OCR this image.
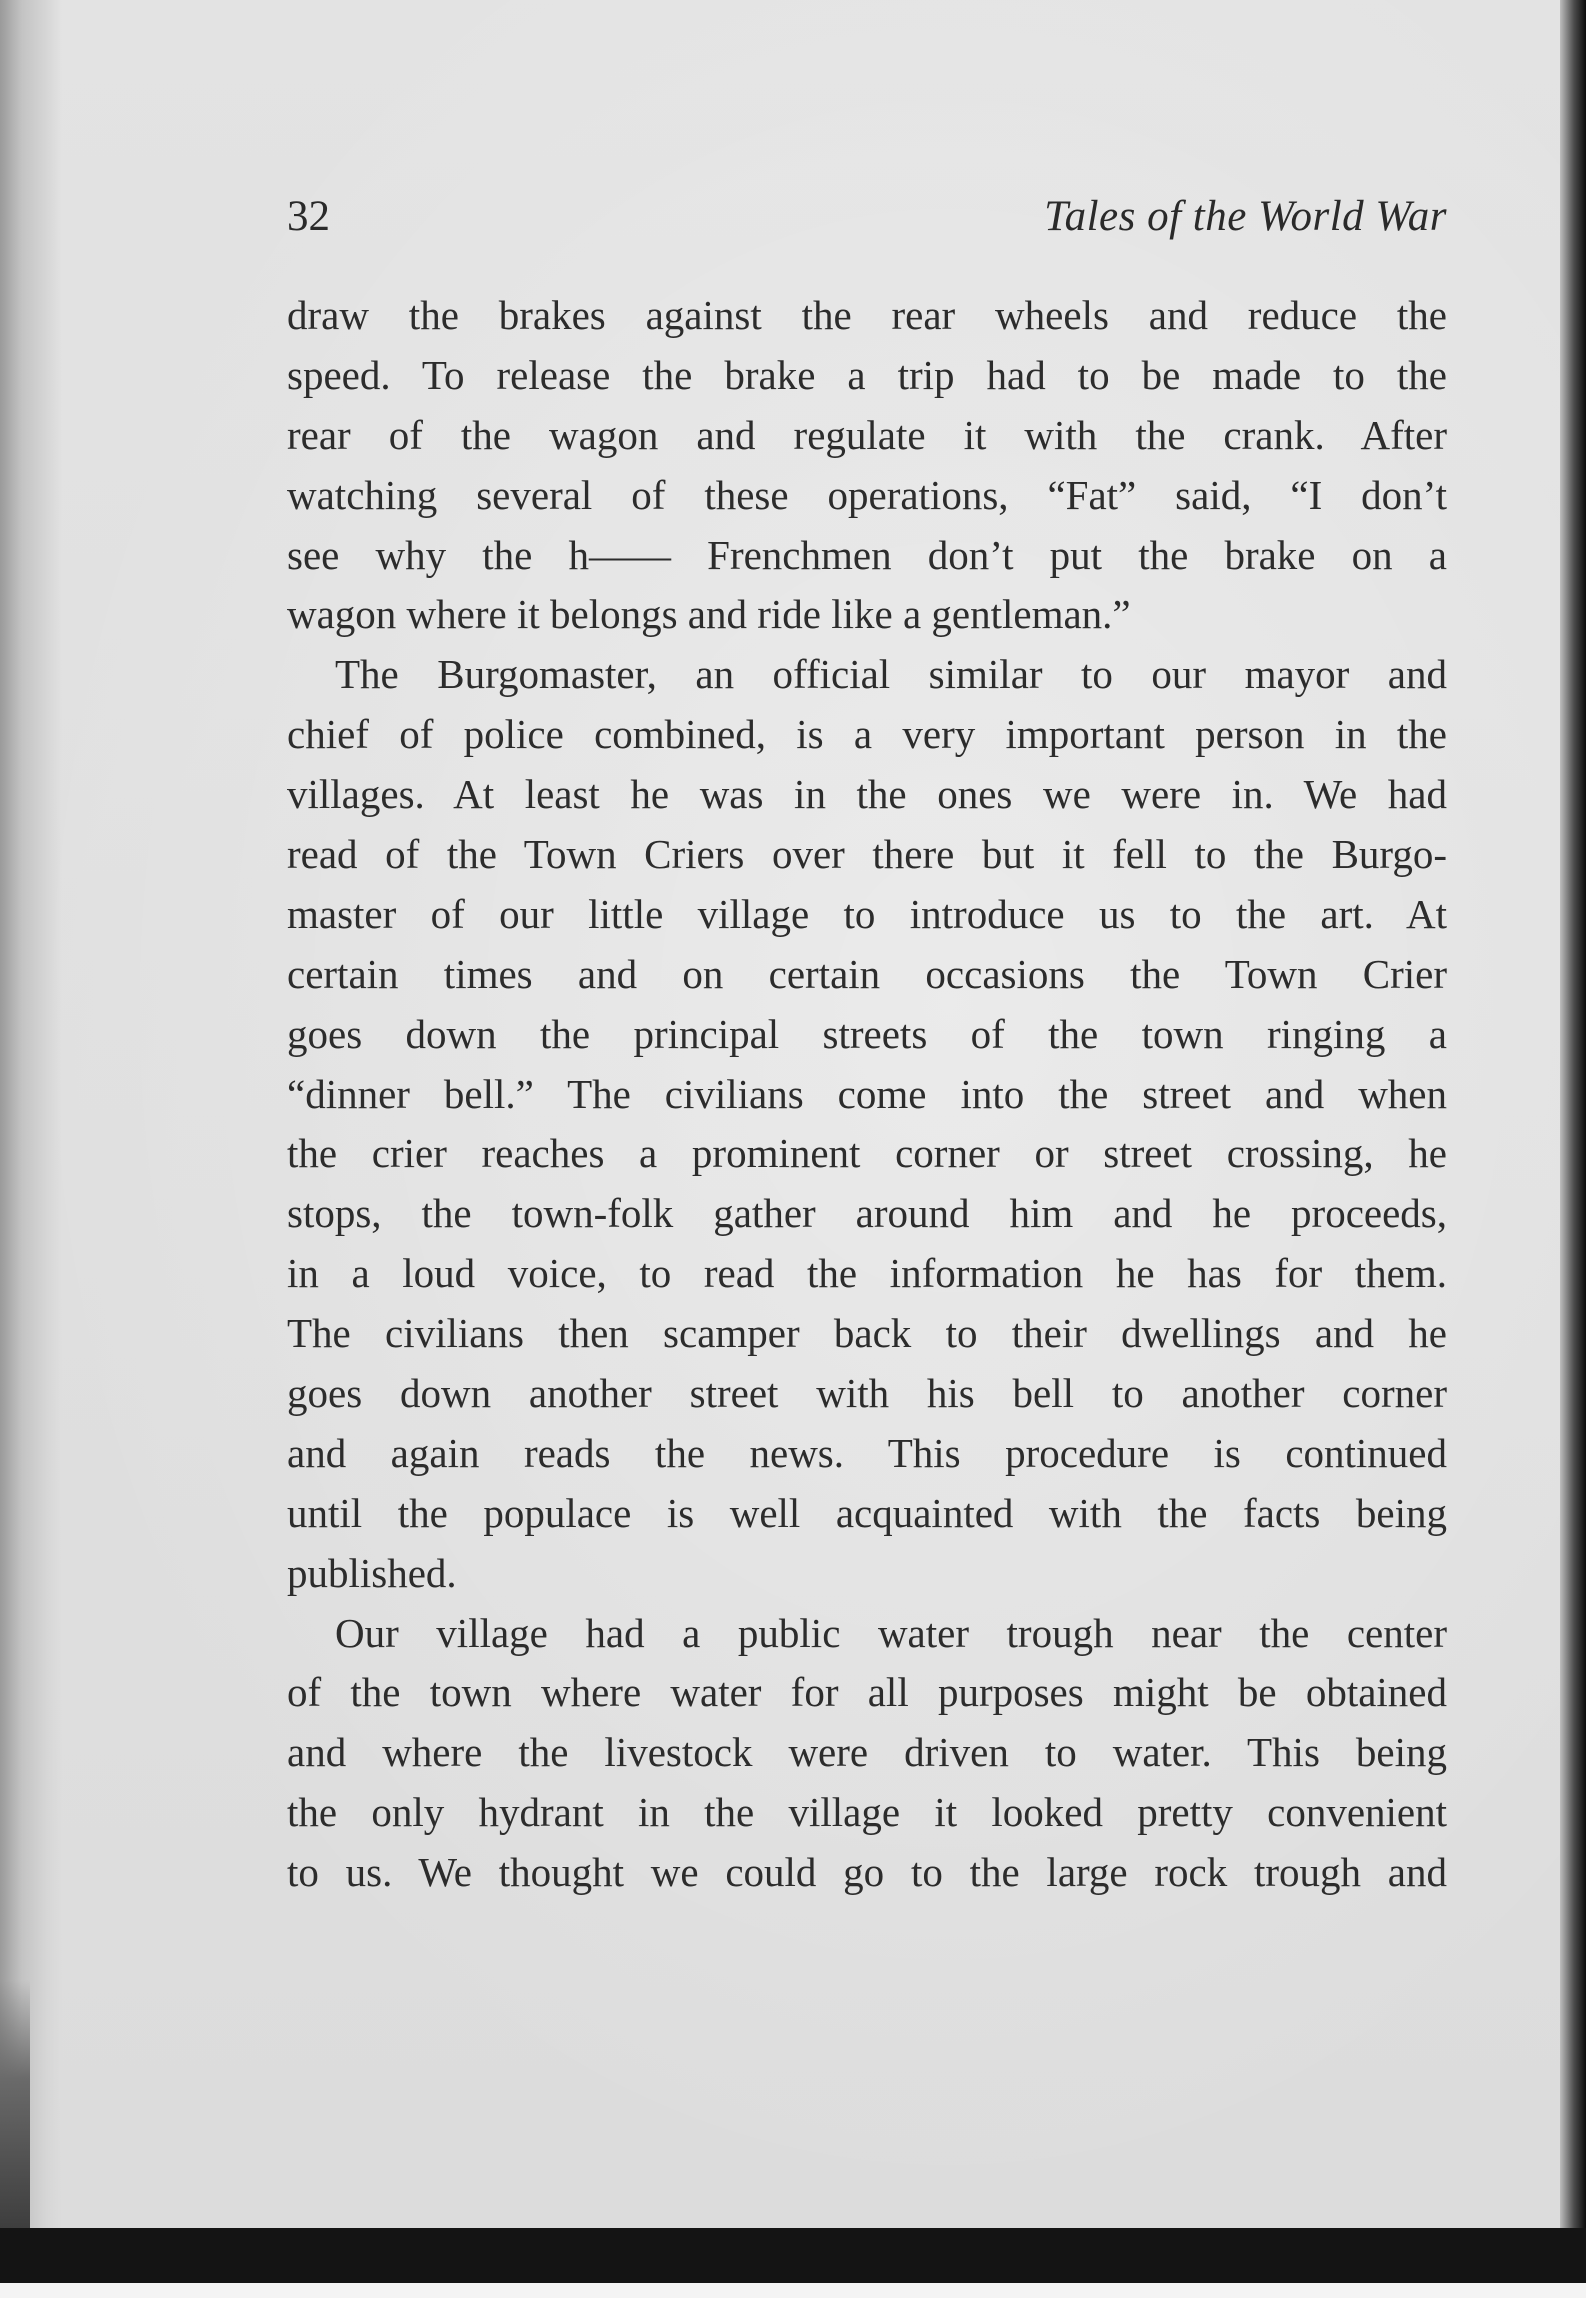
32	Tales of the World War
draw the brakes against the rear wheels and reduce the
speed. To release the brake a trip had to be made to the
rear of the wagon and regulate it with the crank. After
watching several of these operations, “Fat” said, “I don’t
see why the h—— Frenchmen don’t put the brake on a
wagon where it belongs and ride like a gentleman.”
The Burgomaster, an official similar to our mayor and
chief of police combined, is a very important person in the
villages. At least he was in the ones we were in. We had
read of the Town Criers over there but it fell to the Burgo-
master of our little village to introduce us to the art. At
certain times and on certain occasions the Town Crier
goes down the principal streets of the town ringing a
“dinner bell.” The civilians come into the street and when
the crier reaches a prominent corner or street crossing, he
stops, the town-folk gather around him and he proceeds,
in a loud voice, to read the information he has for them.
The civilians then scamper back to their dwellings and he
goes down another street with his bell to another corner
and again reads the news. This procedure is continued
until the populace is well acquainted with the facts being
published.
Our village had a public water trough near the center
of the town where water for all purposes might be obtained
and where the livestock were driven to water. This being
the only hydrant in the village it looked pretty convenient
to us. We thought we could go to the large rock trough and
